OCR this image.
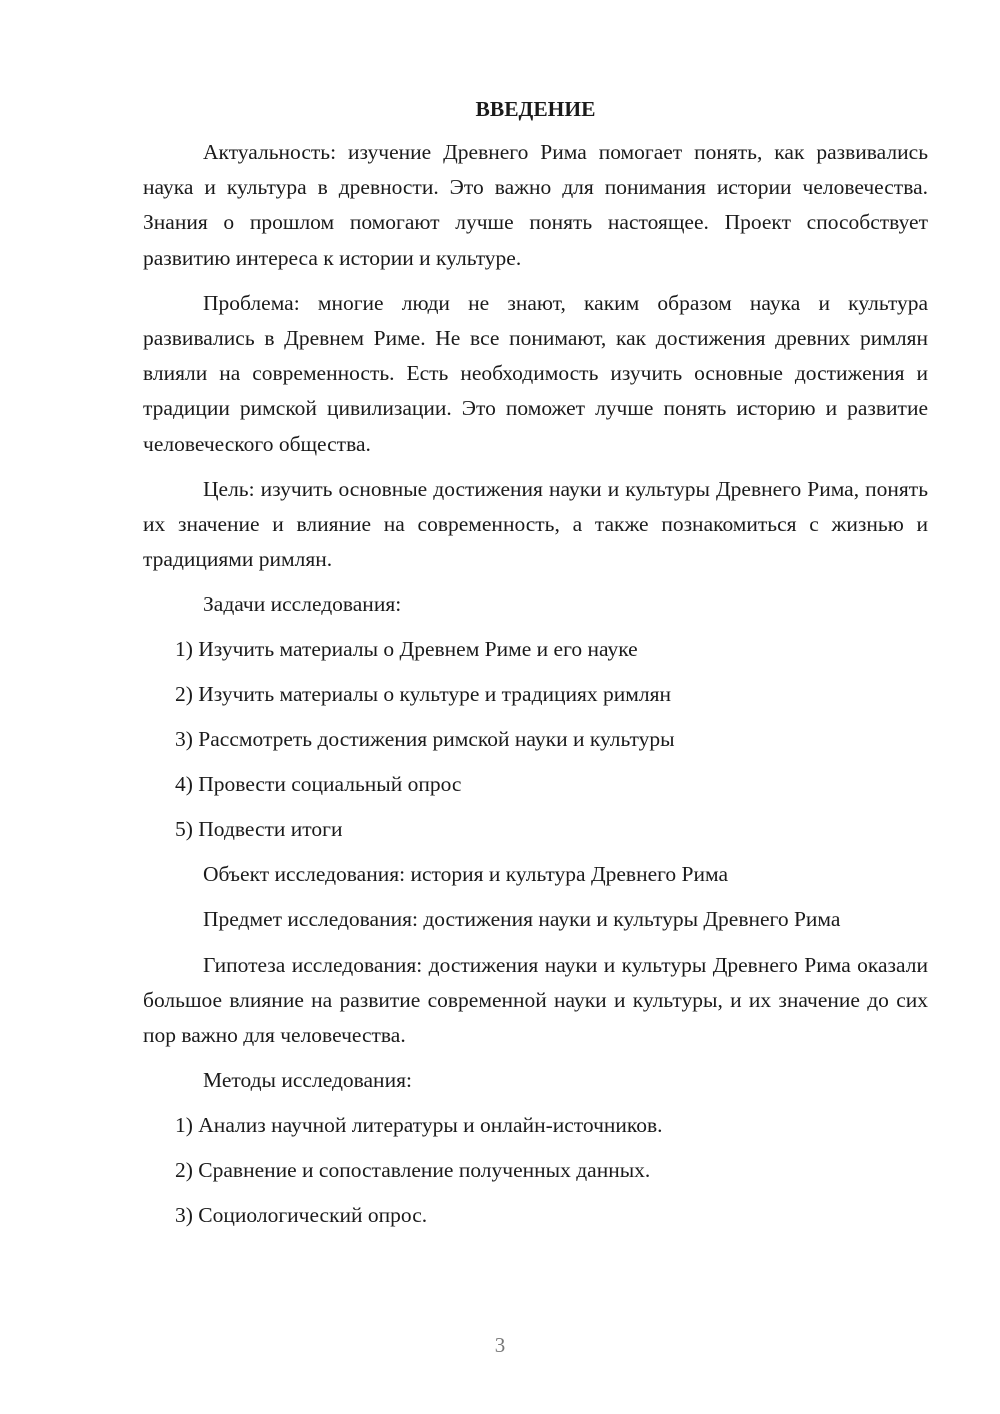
ВВЕДЕНИЕ

Актуальность: изучение Древнего Рима помогает понять, как развивались наука и культура в древности. Это важно для понимания истории человечества. Знания о прошлом помогают лучше понять настоящее. Проект способствует развитию интереса к истории и культуре.

Проблема: многие люди не знают, каким образом наука и культура развивались в Древнем Риме. Не все понимают, как достижения древних римлян влияли на современность. Есть необходимость изучить основные достижения и традиции римской цивилизации. Это поможет лучше понять историю и развитие человеческого общества.

Цель: изучить основные достижения науки и культуры Древнего Рима, понять их значение и влияние на современность, а также познакомиться с жизнью и традициями римлян.

Задачи исследования:
1) Изучить материалы о Древнем Риме и его науке
2) Изучить материалы о культуре и традициях римлян
3) Рассмотреть достижения римской науки и культуры
4) Провести социальный опрос
5) Подвести итоги
Объект исследования: история и культура Древнего Рима

Предмет исследования: достижения науки и культуры Древнего Рима

Гипотеза исследования: достижения науки и культуры Древнего Рима оказали большое влияние на развитие современной науки и культуры, и их значение до сих пор важно для человечества.

Методы исследования:
1) Анализ научной литературы и онлайн-источников.
2) Сравнение и сопоставление полученных данных.
3) Социологический опрос.
3
